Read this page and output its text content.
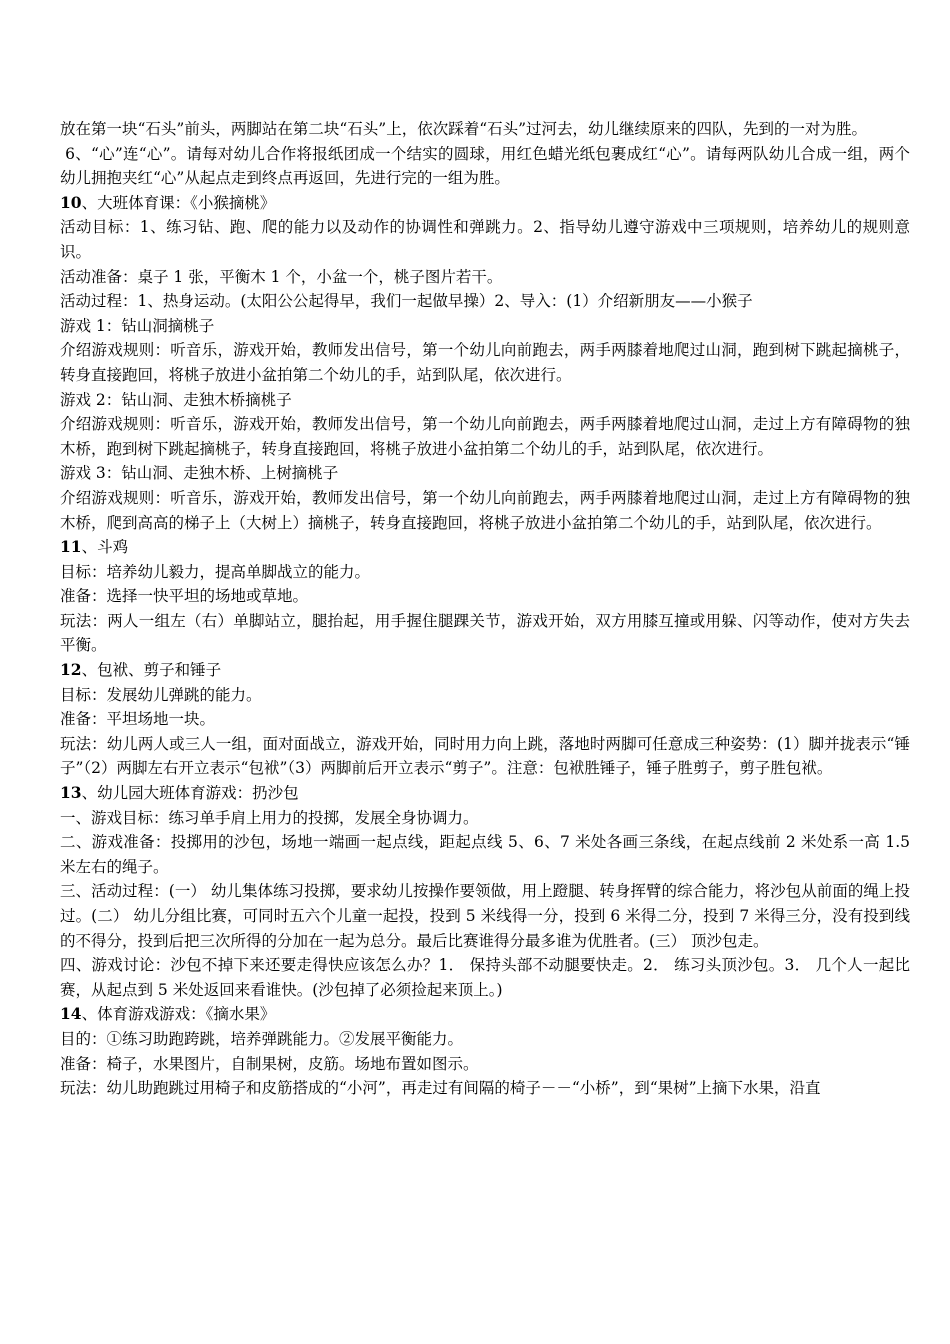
放在第一块“石头”前头，两脚站在第二块“石头”上，依次踩着“石头”过河去，幼儿继续原来的四队，先到的一对为胜。
6、“心”连“心”。请每对幼儿合作将报纸团成一个结实的圆球，用红色蜡光纸包裹成红“心”。请每两队幼儿合成一组，两个幼儿拥抱夹红“心”从起点走到终点再返回，先进行完的一组为胜。
10、大班体育课：《小猴摘桃》
活动目标：1、练习钻、跑、爬的能力以及动作的协调性和弹跳力。2、指导幼儿遵守游戏中三项规则，培养幼儿的规则意识。
活动准备：桌子 1 张，平衡木 1 个，小盆一个，桃子图片若干。
活动过程：1、热身运动。(太阳公公起得早，我们一起做早操）2、导入：(1）介绍新朋友——小猴子
游戏 1：钻山洞摘桃子
介绍游戏规则：听音乐，游戏开始，教师发出信号，第一个幼儿向前跑去，两手两膝着地爬过山洞，跑到树下跳起摘桃子，转身直接跑回，将桃子放进小盆拍第二个幼儿的手，站到队尾，依次进行。
游戏 2：钻山洞、走独木桥摘桃子
介绍游戏规则：听音乐，游戏开始，教师发出信号，第一个幼儿向前跑去，两手两膝着地爬过山洞，走过上方有障碍物的独木桥，跑到树下跳起摘桃子，转身直接跑回，将桃子放进小盆拍第二个幼儿的手，站到队尾，依次进行。
游戏 3：钻山洞、走独木桥、上树摘桃子
介绍游戏规则：听音乐，游戏开始，教师发出信号，第一个幼儿向前跑去，两手两膝着地爬过山洞，走过上方有障碍物的独木桥，爬到高高的梯子上（大树上）摘桃子，转身直接跑回，将桃子放进小盆拍第二个幼儿的手，站到队尾，依次进行。
11、斗鸡
目标：培养幼儿毅力，提高单脚战立的能力。
准备：选择一快平坦的场地或草地。
玩法：两人一组左（右）单脚站立，腿抬起，用手握住腿踝关节，游戏开始，双方用膝互撞或用躲、闪等动作，使对方失去平衡。
12、包袱、剪子和锤子
目标：发展幼儿弹跳的能力。
准备：平坦场地一块。
玩法：幼儿两人或三人一组，面对面战立，游戏开始，同时用力向上跳，落地时两脚可任意成三种姿势：(1）脚并拢表示“锤子”（2）两脚左右开立表示“包袱”（3）两脚前后开立表示“剪子”。注意：包袱胜锤子，锤子胜剪子，剪子胜包袱。
13、幼儿园大班体育游戏：扔沙包
一、游戏目标：练习单手肩上用力的投掷，发展全身协调力。
二、游戏准备：投掷用的沙包，场地一端画一起点线，距起点线 5、6、7 米处各画三条线，在起点线前 2 米处系一高 1.5 米左右的绳子。
三、活动过程：(一） 幼儿集体练习投掷，要求幼儿按操作要领做，用上蹬腿、转身挥臂的综合能力，将沙包从前面的绳上投过。(二） 幼儿分组比赛，可同时五六个儿童一起投，投到 5 米线得一分，投到 6 米得二分，投到 7 米得三分，没有投到线的不得分，投到后把三次所得的分加在一起为总分。最后比赛谁得分最多谁为优胜者。(三） 顶沙包走。
四、游戏讨论：沙包不掉下来还要走得快应该怎么办？1． 保持头部不动腿要快走。2． 练习头顶沙包。3． 几个人一起比赛，从起点到 5 米处返回来看谁快。(沙包掉了必须捡起来顶上。)
14、体育游戏游戏：《摘水果》
目的：①练习助跑跨跳，培养弹跳能力。②发展平衡能力。
准备：椅子，水果图片，自制果树，皮筋。场地布置如图示。
玩法：幼儿助跑跳过用椅子和皮筋搭成的“小河”，再走过有间隔的椅子－－“小桥”，到“果树”上摘下水果，沿直
